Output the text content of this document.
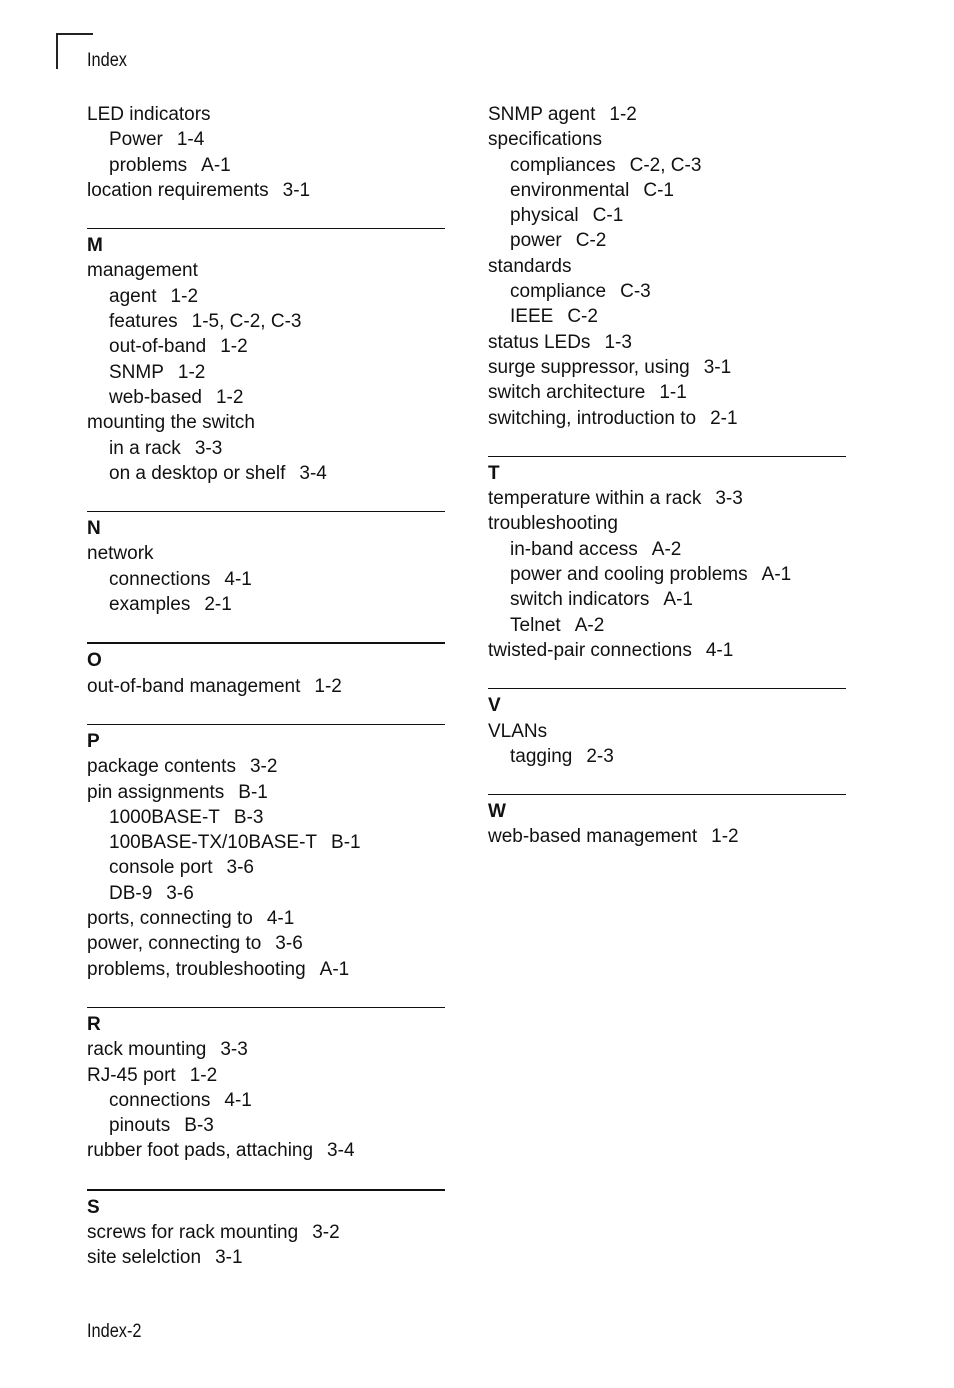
Index
LED indicators
Power 1-4
problems A-1
location requirements 3-1
M
management
agent 1-2
features 1-5, C-2, C-3
out-of-band 1-2
SNMP 1-2
web-based 1-2
mounting the switch
in a rack 3-3
on a desktop or shelf 3-4
N
network
connections 4-1
examples 2-1
O
out-of-band management 1-2
P
package contents 3-2
pin assignments B-1
1000BASE-T B-3
100BASE-TX/10BASE-T B-1
console port 3-6
DB-9 3-6
ports, connecting to 4-1
power, connecting to 3-6
problems, troubleshooting A-1
R
rack mounting 3-3
RJ-45 port 1-2
connections 4-1
pinouts B-3
rubber foot pads, attaching 3-4
S
screws for rack mounting 3-2
site selelction 3-1
SNMP agent 1-2
specifications
compliances C-2, C-3
environmental C-1
physical C-1
power C-2
standards
compliance C-3
IEEE C-2
status LEDs 1-3
surge suppressor, using 3-1
switch architecture 1-1
switching, introduction to 2-1
T
temperature within a rack 3-3
troubleshooting
in-band access A-2
power and cooling problems A-1
switch indicators A-1
Telnet A-2
twisted-pair connections 4-1
V
VLANs
tagging 2-3
W
web-based management 1-2
Index-2
